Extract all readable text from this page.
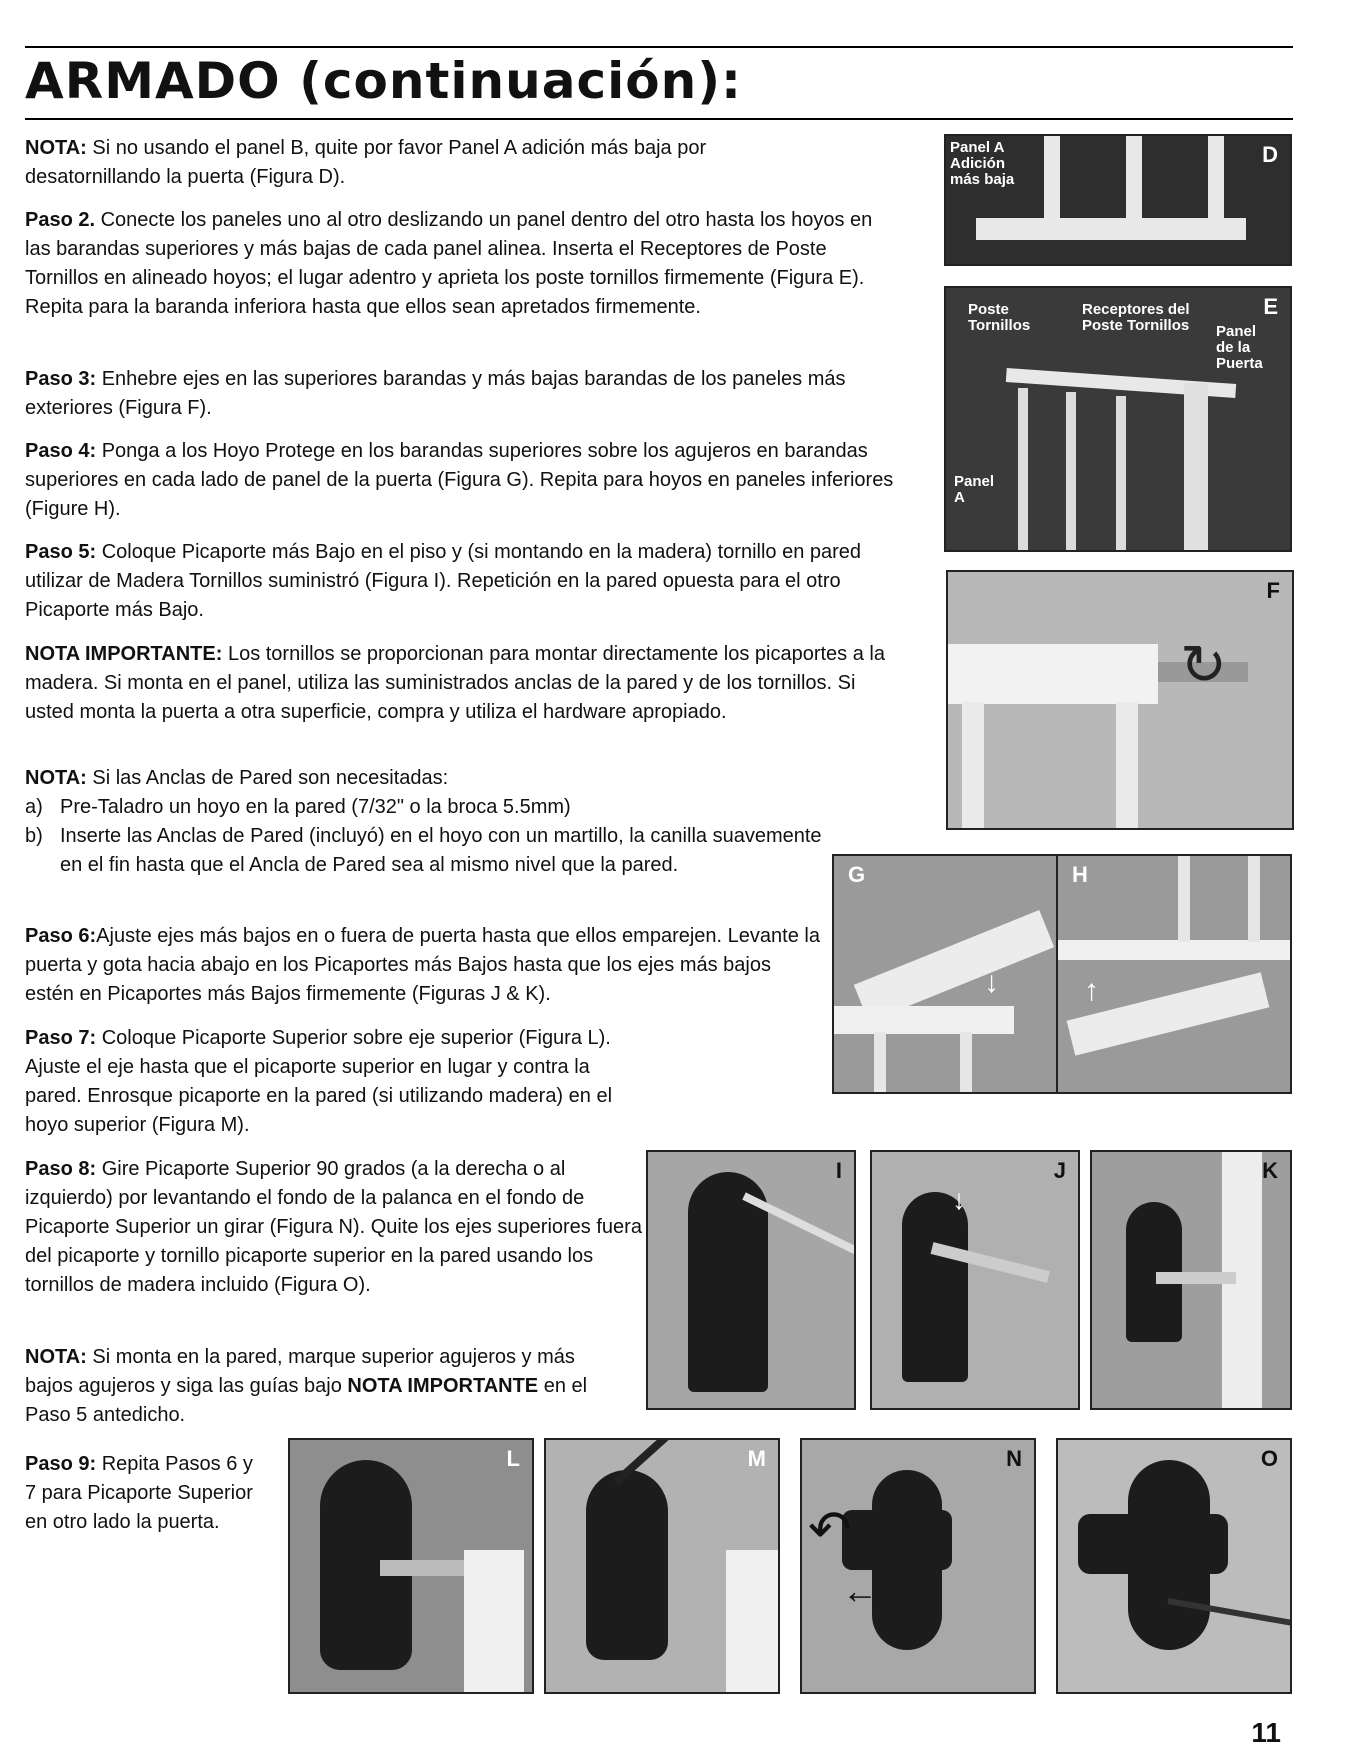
ARMADO (continuación):
NOTA: Si no usando el panel B, quite por favor Panel A adición más baja por desatornillando la puerta (Figura D).
Paso 2. Conecte los paneles uno al otro deslizando un panel dentro del otro hasta los hoyos en las barandas superiores y más bajas de cada panel alinea. Inserta el Receptores de Poste Tornillos en alineado hoyos; el lugar adentro y aprieta los poste tornillos firmemente (Figura E). Repita para la baranda inferiora hasta que ellos sean apretados firmemente.
Paso 3: Enhebre ejes en las superiores barandas y más bajas barandas de los paneles más exteriores (Figura F).
Paso 4: Ponga a los Hoyo Protege en los barandas superiores sobre los agujeros en barandas superiores en cada lado de panel de la puerta (Figura G). Repita para hoyos en paneles inferiores (Figure H).
Paso 5: Coloque Picaporte más Bajo en el piso y (si montando en la madera) tornillo en pared utilizar de Madera Tornillos suministró (Figura I). Repetición en la pared opuesta para el otro Picaporte más Bajo.
NOTA IMPORTANTE: Los tornillos se proporcionan para montar directamente los picaportes a la madera. Si monta en el panel, utiliza las suministrados anclas de la pared y de los tornillos. Si usted monta la puerta a otra superficie, compra y utiliza el hardware apropiado.
NOTA: Si las Anclas de Pared son necesitadas:
a) Pre-Taladro un hoyo en la pared (7/32" o la broca 5.5mm)
b) Inserte las Anclas de Pared (incluyó) en el hoyo con un martillo, la canilla suavemente en el fin hasta que el Ancla de Pared sea al mismo nivel que la pared.
Paso 6:Ajuste ejes más bajos en o fuera de puerta hasta que ellos emparejen. Levante la puerta y gota hacia abajo en los Picaportes más Bajos hasta que los ejes más bajos estén en Picaportes más Bajos firmemente (Figuras J & K).
Paso 7: Coloque Picaporte Superior sobre eje superior (Figura L). Ajuste el eje hasta que el picaporte superior en lugar y contra la pared. Enrosque picaporte en la pared (si utilizando madera) en el hoyo superior (Figura M).
Paso 8: Gire Picaporte Superior 90 grados (a la derecha o al izquierdo) por levantando el fondo de la palanca en el fondo de Picaporte Superior un girar (Figura N). Quite los ejes superiores fuera del picaporte y tornillo picaporte superior en la pared usando los tornillos de madera incluido (Figura O).
NOTA: Si monta en la pared, marque superior agujeros y más bajos agujeros y siga las guías bajo NOTA IMPORTANTE en el Paso 5 antedicho.
Paso 9: Repita Pasos 6 y 7 para Picaporte Superior en otro lado la puerta.
Panel A
Adición
más baja
D
Poste
Tornillos
Receptores del
Poste Tornillos Panel
de la
Puerta
Panel
A
E
F
↻
G
↓
H
↑
I	J
↓
K
L	M	N
↶
←
O
11
